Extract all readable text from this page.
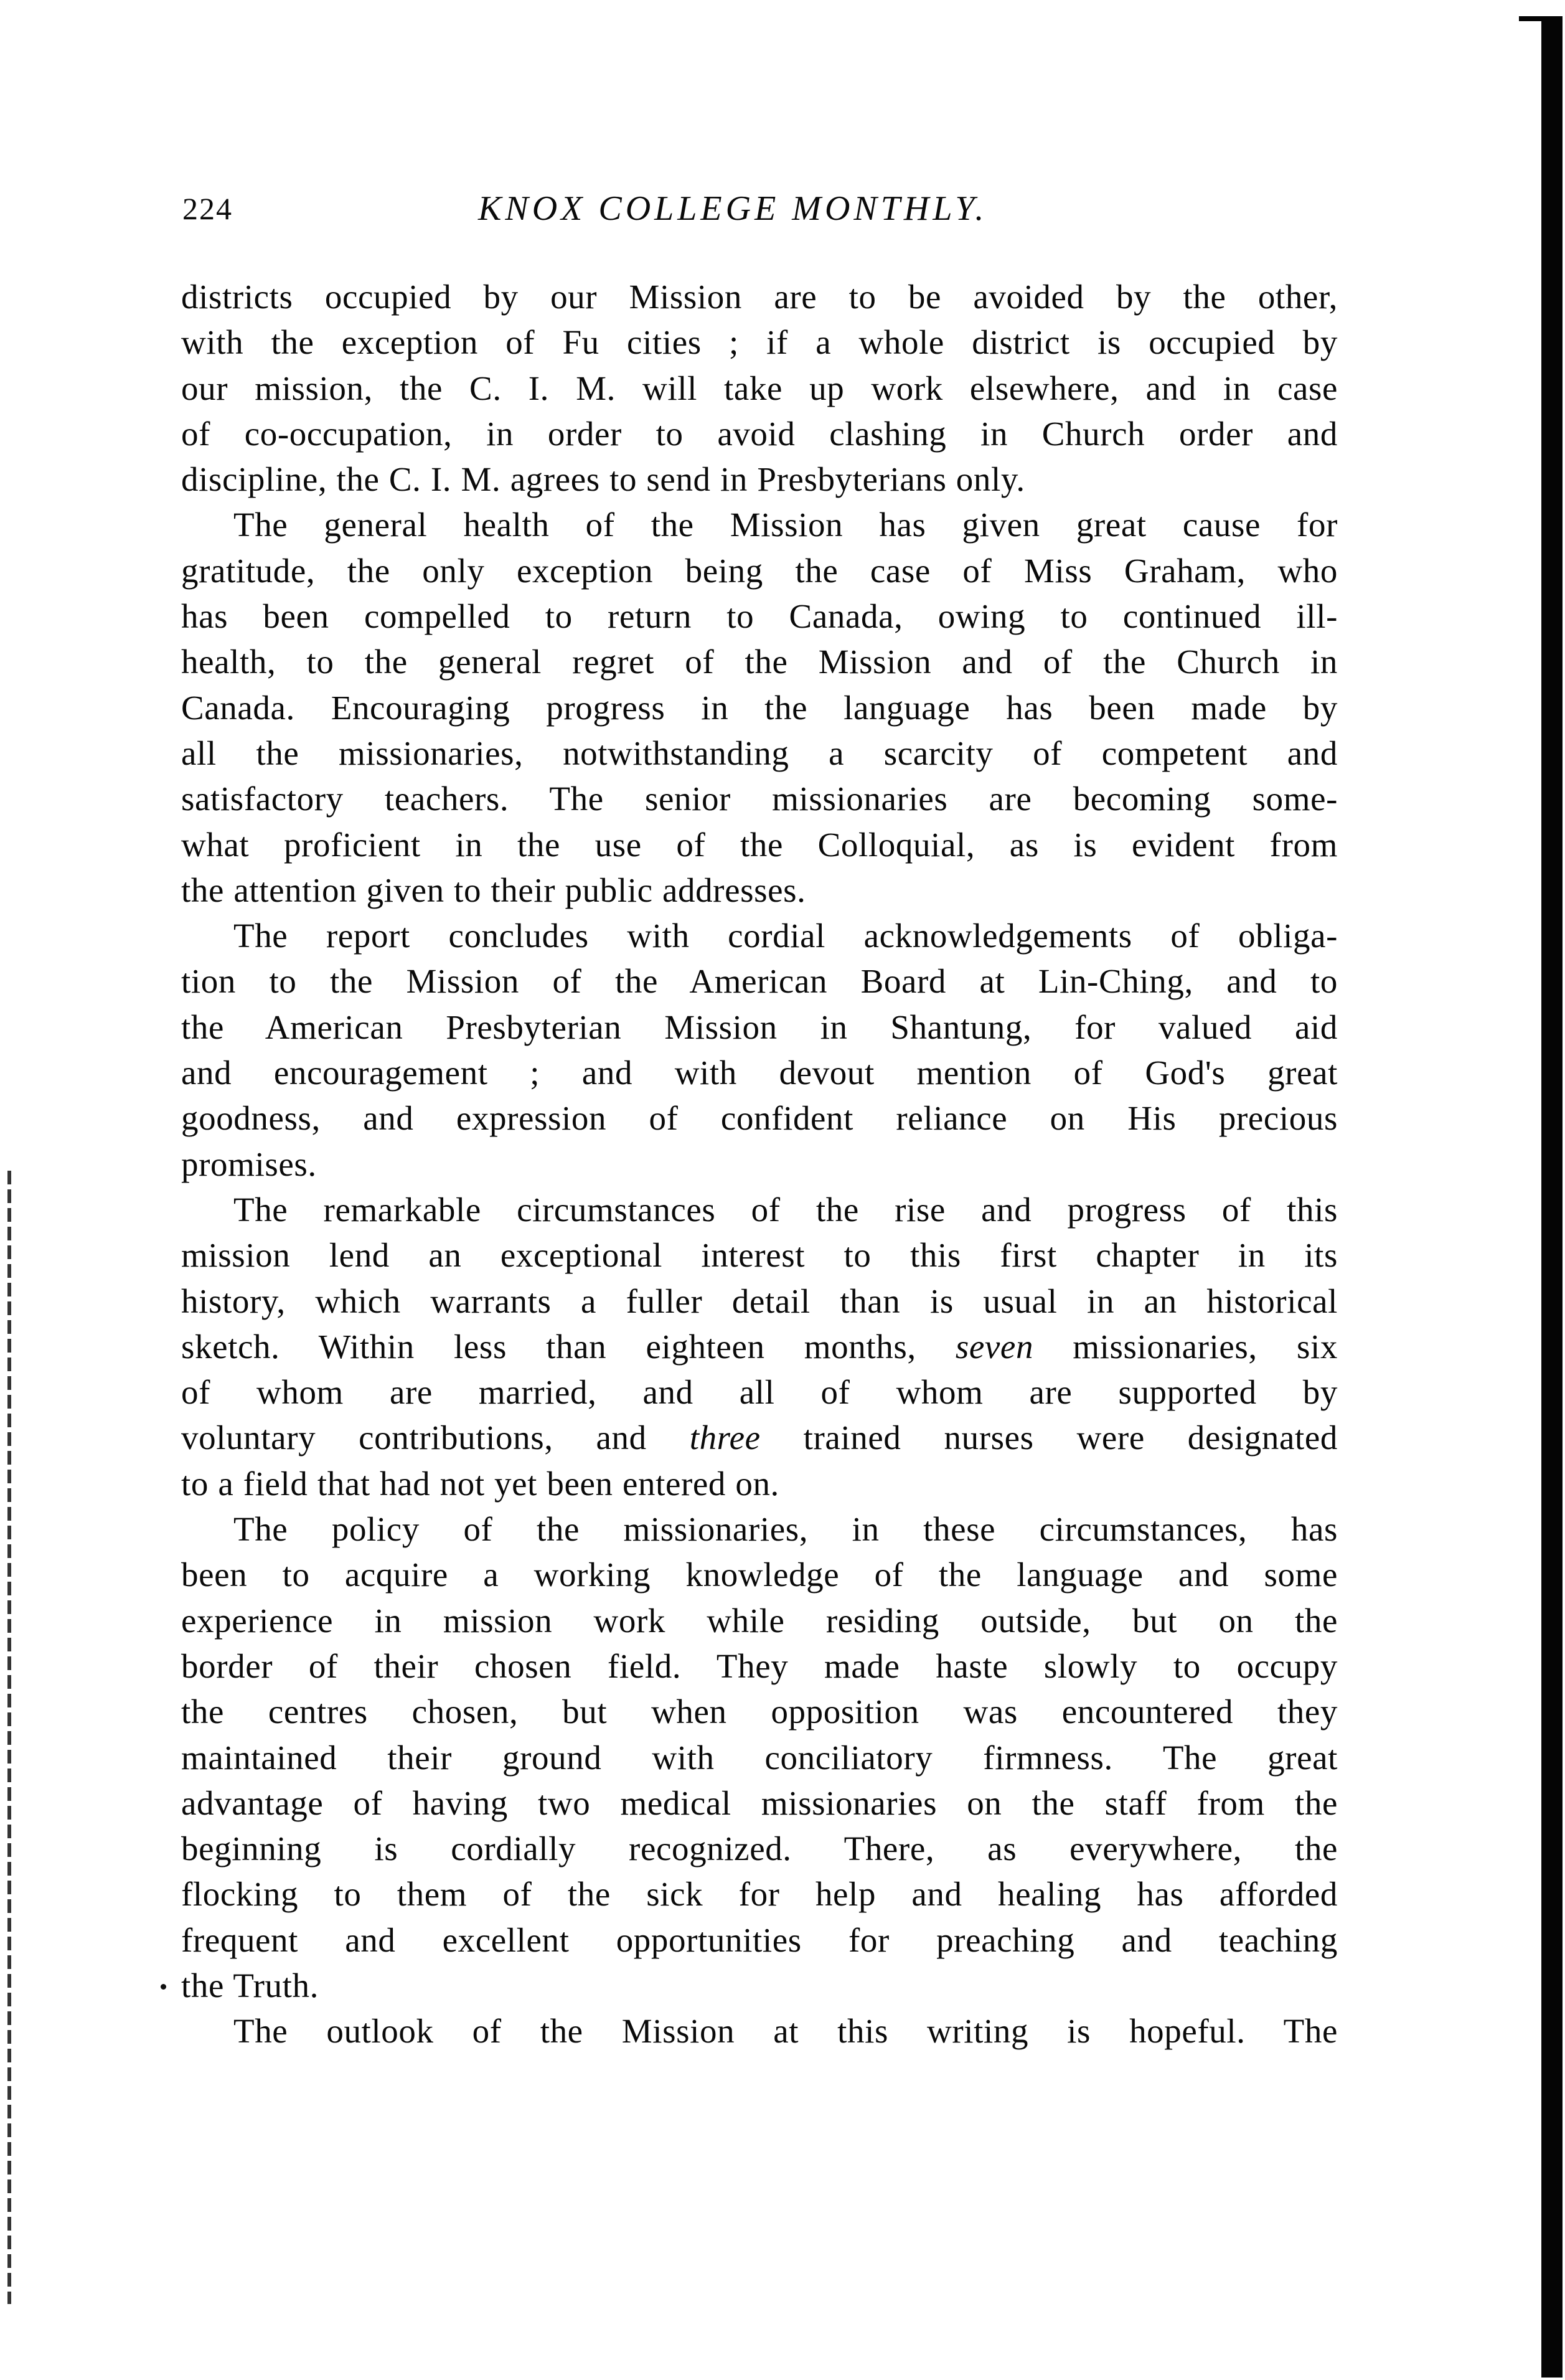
224	KNOX COLLEGE MONTHLY.
districts occupied by our Mission are to be avoided by the other,
with the exception of Fu cities ; if a whole district is occupied by
our mission, the C. I. M. will take up work elsewhere, and in case
of co-occupation, in order to avoid clashing in Church order and
discipline, the C. I. M. agrees to send in Presbyterians only.
The general health of the Mission has given great cause for
gratitude, the only exception being the case of Miss Graham, who
has been compelled to return to Canada, owing to continued ill-
health, to the general regret of the Mission and of the Church in
Canada. Encouraging progress in the language has been made by
all the missionaries, notwithstanding a scarcity of competent and
satisfactory teachers. The senior missionaries are becoming some-
what proficient in the use of the Colloquial, as is evident from
the attention given to their public addresses.
The report concludes with cordial acknowledgements of obliga-
tion to the Mission of the American Board at Lin-Ching, and to
the American Presbyterian Mission in Shantung, for valued aid
and encouragement ; and with devout mention of God's great
goodness, and expression of confident reliance on His precious
promises.
The remarkable circumstances of the rise and progress of this
mission lend an exceptional interest to this first chapter in its
history, which warrants a fuller detail than is usual in an historical
sketch. Within less than eighteen months, seven missionaries, six
of whom are married, and all of whom are supported by
voluntary contributions, and three trained nurses were designated
to a field that had not yet been entered on.
The policy of the missionaries, in these circumstances, has
been to acquire a working knowledge of the language and some
experience in mission work while residing outside, but on the
border of their chosen field. They made haste slowly to occupy
the centres chosen, but when opposition was encountered they
maintained their ground with conciliatory firmness. The great
advantage of having two medical missionaries on the staff from the
beginning is cordially recognized. There, as everywhere, the
flocking to them of the sick for help and healing has afforded
frequent and excellent opportunities for preaching and teaching
the Truth.
The outlook of the Mission at this writing is hopeful. The
